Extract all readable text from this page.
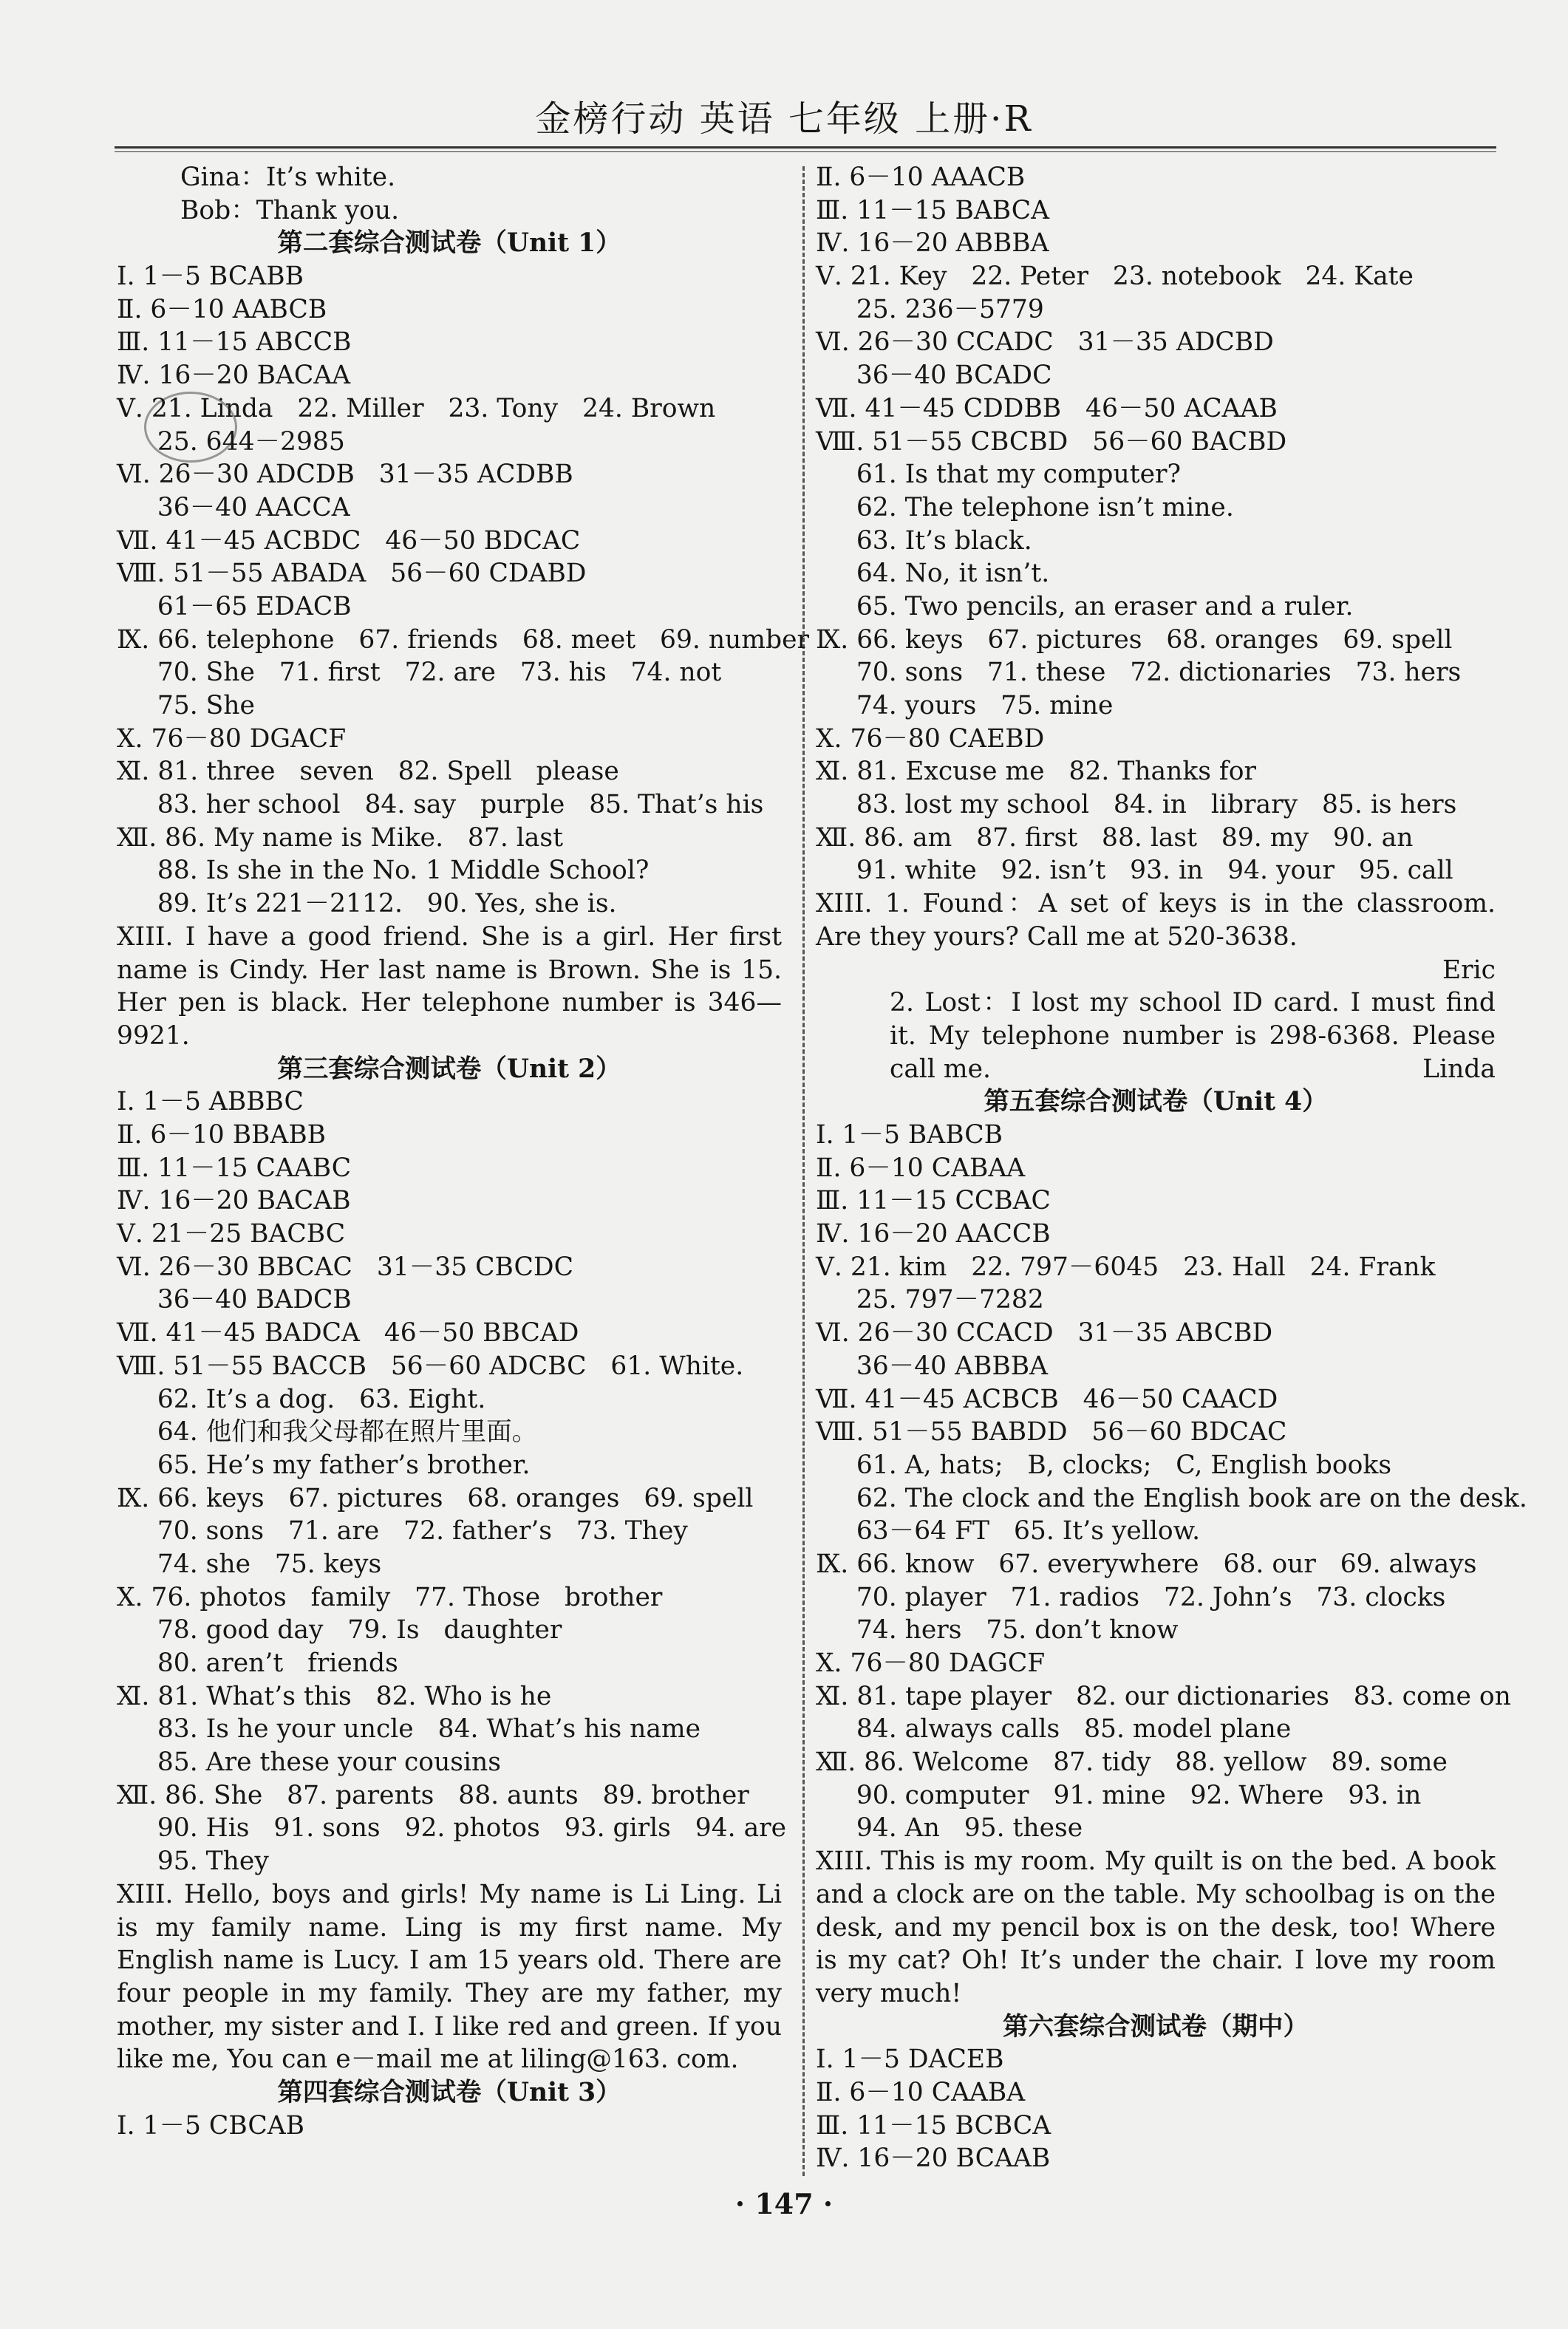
金榜行动 英语 七年级 上册·R
Gina：It’s white.
Bob：Thank you.
第二套综合测试卷（Unit 1）
Ⅰ. 1－5 BCABB
Ⅱ. 6－10 AABCB
Ⅲ. 11－15 ABCCB
Ⅳ. 16－20 BACAA
Ⅴ. 21. Linda   22. Miller   23. Tony   24. Brown
25. 644－2985
Ⅵ. 26－30 ADCDB   31－35 ACDBB
36－40 AACCA
Ⅶ. 41－45 ACBDC   46－50 BDCAC
Ⅷ. 51－55 ABADA   56－60 CDABD
61－65 EDACB
Ⅸ. 66. telephone   67. friends   68. meet   69. number
70. She   71. first   72. are   73. his   74. not
75. She
Ⅹ. 76－80 DGACF
Ⅺ. 81. three   seven   82. Spell   please
83. her school   84. say   purple   85. That’s his
Ⅻ. 86. My name is Mike.   87. last
88. Is she in the No. 1 Middle School?
89. It’s 221－2112.   90. Yes, she is.
XIII. I have a good friend. She is a girl. Her first name is Cindy. Her last name is Brown. She is 15. Her pen is black. Her telephone number is 346—9921.
第三套综合测试卷（Unit 2）
Ⅰ. 1－5 ABBBC
Ⅱ. 6－10 BBABB
Ⅲ. 11－15 CAABC
Ⅳ. 16－20 BACAB
Ⅴ. 21－25 BACBC
Ⅵ. 26－30 BBCAC   31－35 CBCDC
36－40 BADCB
Ⅶ. 41－45 BADCA   46－50 BBCAD
Ⅷ. 51－55 BACCB   56－60 ADCBC   61. White.
62. It’s a dog.   63. Eight.
64. 他们和我父母都在照片里面。
65. He’s my father’s brother.
Ⅸ. 66. keys   67. pictures   68. oranges   69. spell
70. sons   71. are   72. father’s   73. They
74. she   75. keys
Ⅹ. 76. photos   family   77. Those   brother
78. good day   79. Is   daughter
80. aren’t   friends
Ⅺ. 81. What’s this   82. Who is he
83. Is he your uncle   84. What’s his name
85. Are these your cousins
Ⅻ. 86. She   87. parents   88. aunts   89. brother
90. His   91. sons   92. photos   93. girls   94. are
95. They
XIII. Hello, boys and girls! My name is Li Ling. Li is my family name. Ling is my first name. My English name is Lucy. I am 15 years old. There are four people in my family. They are my father, my mother, my sister and I. I like red and green. If you like me, You can e－mail me at liling@163. com.
第四套综合测试卷（Unit 3）
Ⅰ. 1－5 CBCAB
Ⅱ. 6－10 AAACB
Ⅲ. 11－15 BABCA
Ⅳ. 16－20 ABBBA
Ⅴ. 21. Key   22. Peter   23. notebook   24. Kate
25. 236－5779
Ⅵ. 26－30 CCADC   31－35 ADCBD
36－40 BCADC
Ⅶ. 41－45 CDDBB   46－50 ACAAB
Ⅷ. 51－55 CBCBD   56－60 BACBD
61. Is that my computer?
62. The telephone isn’t mine.
63. It’s black.
64. No, it isn’t.
65. Two pencils, an eraser and a ruler.
Ⅸ. 66. keys   67. pictures   68. oranges   69. spell
70. sons   71. these   72. dictionaries   73. hers
74. yours   75. mine
Ⅹ. 76－80 CAEBD
Ⅺ. 81. Excuse me   82. Thanks for
83. lost my school   84. in   library   85. is hers
Ⅻ. 86. am   87. first   88. last   89. my   90. an
91. white   92. isn’t   93. in   94. your   95. call
XIII. 1. Found：A set of keys is in the classroom. Are they yours? Call me at 520-3638.
Eric
2. Lost：I lost my school ID card. I must find it. My telephone number is 298-6368. Please call me.	Linda
第五套综合测试卷（Unit 4）
Ⅰ. 1－5 BABCB
Ⅱ. 6－10 CABAA
Ⅲ. 11－15 CCBAC
Ⅳ. 16－20 AACCB
Ⅴ. 21. kim   22. 797－6045   23. Hall   24. Frank
25. 797－7282
Ⅵ. 26－30 CCACD   31－35 ABCBD
36－40 ABBBA
Ⅶ. 41－45 ACBCB   46－50 CAACD
Ⅷ. 51－55 BABDD   56－60 BDCAC
61. A, hats;   B, clocks;   C, English books
62. The clock and the English book are on the desk.
63－64 FT   65. It’s yellow.
Ⅸ. 66. know   67. everywhere   68. our   69. always
70. player   71. radios   72. John’s   73. clocks
74. hers   75. don’t know
Ⅹ. 76－80 DAGCF
Ⅺ. 81. tape player   82. our dictionaries   83. come on
84. always calls   85. model plane
Ⅻ. 86. Welcome   87. tidy   88. yellow   89. some
90. computer   91. mine   92. Where   93. in
94. An   95. these
XIII. This is my room. My quilt is on the bed. A book and a clock are on the table. My schoolbag is on the desk, and my pencil box is on the desk, too! Where is my cat? Oh! It’s under the chair. I love my room very much!
第六套综合测试卷（期中）
Ⅰ. 1－5 DACEB
Ⅱ. 6－10 CAABA
Ⅲ. 11－15 BCBCA
Ⅳ. 16－20 BCAAB
· 147 ·
